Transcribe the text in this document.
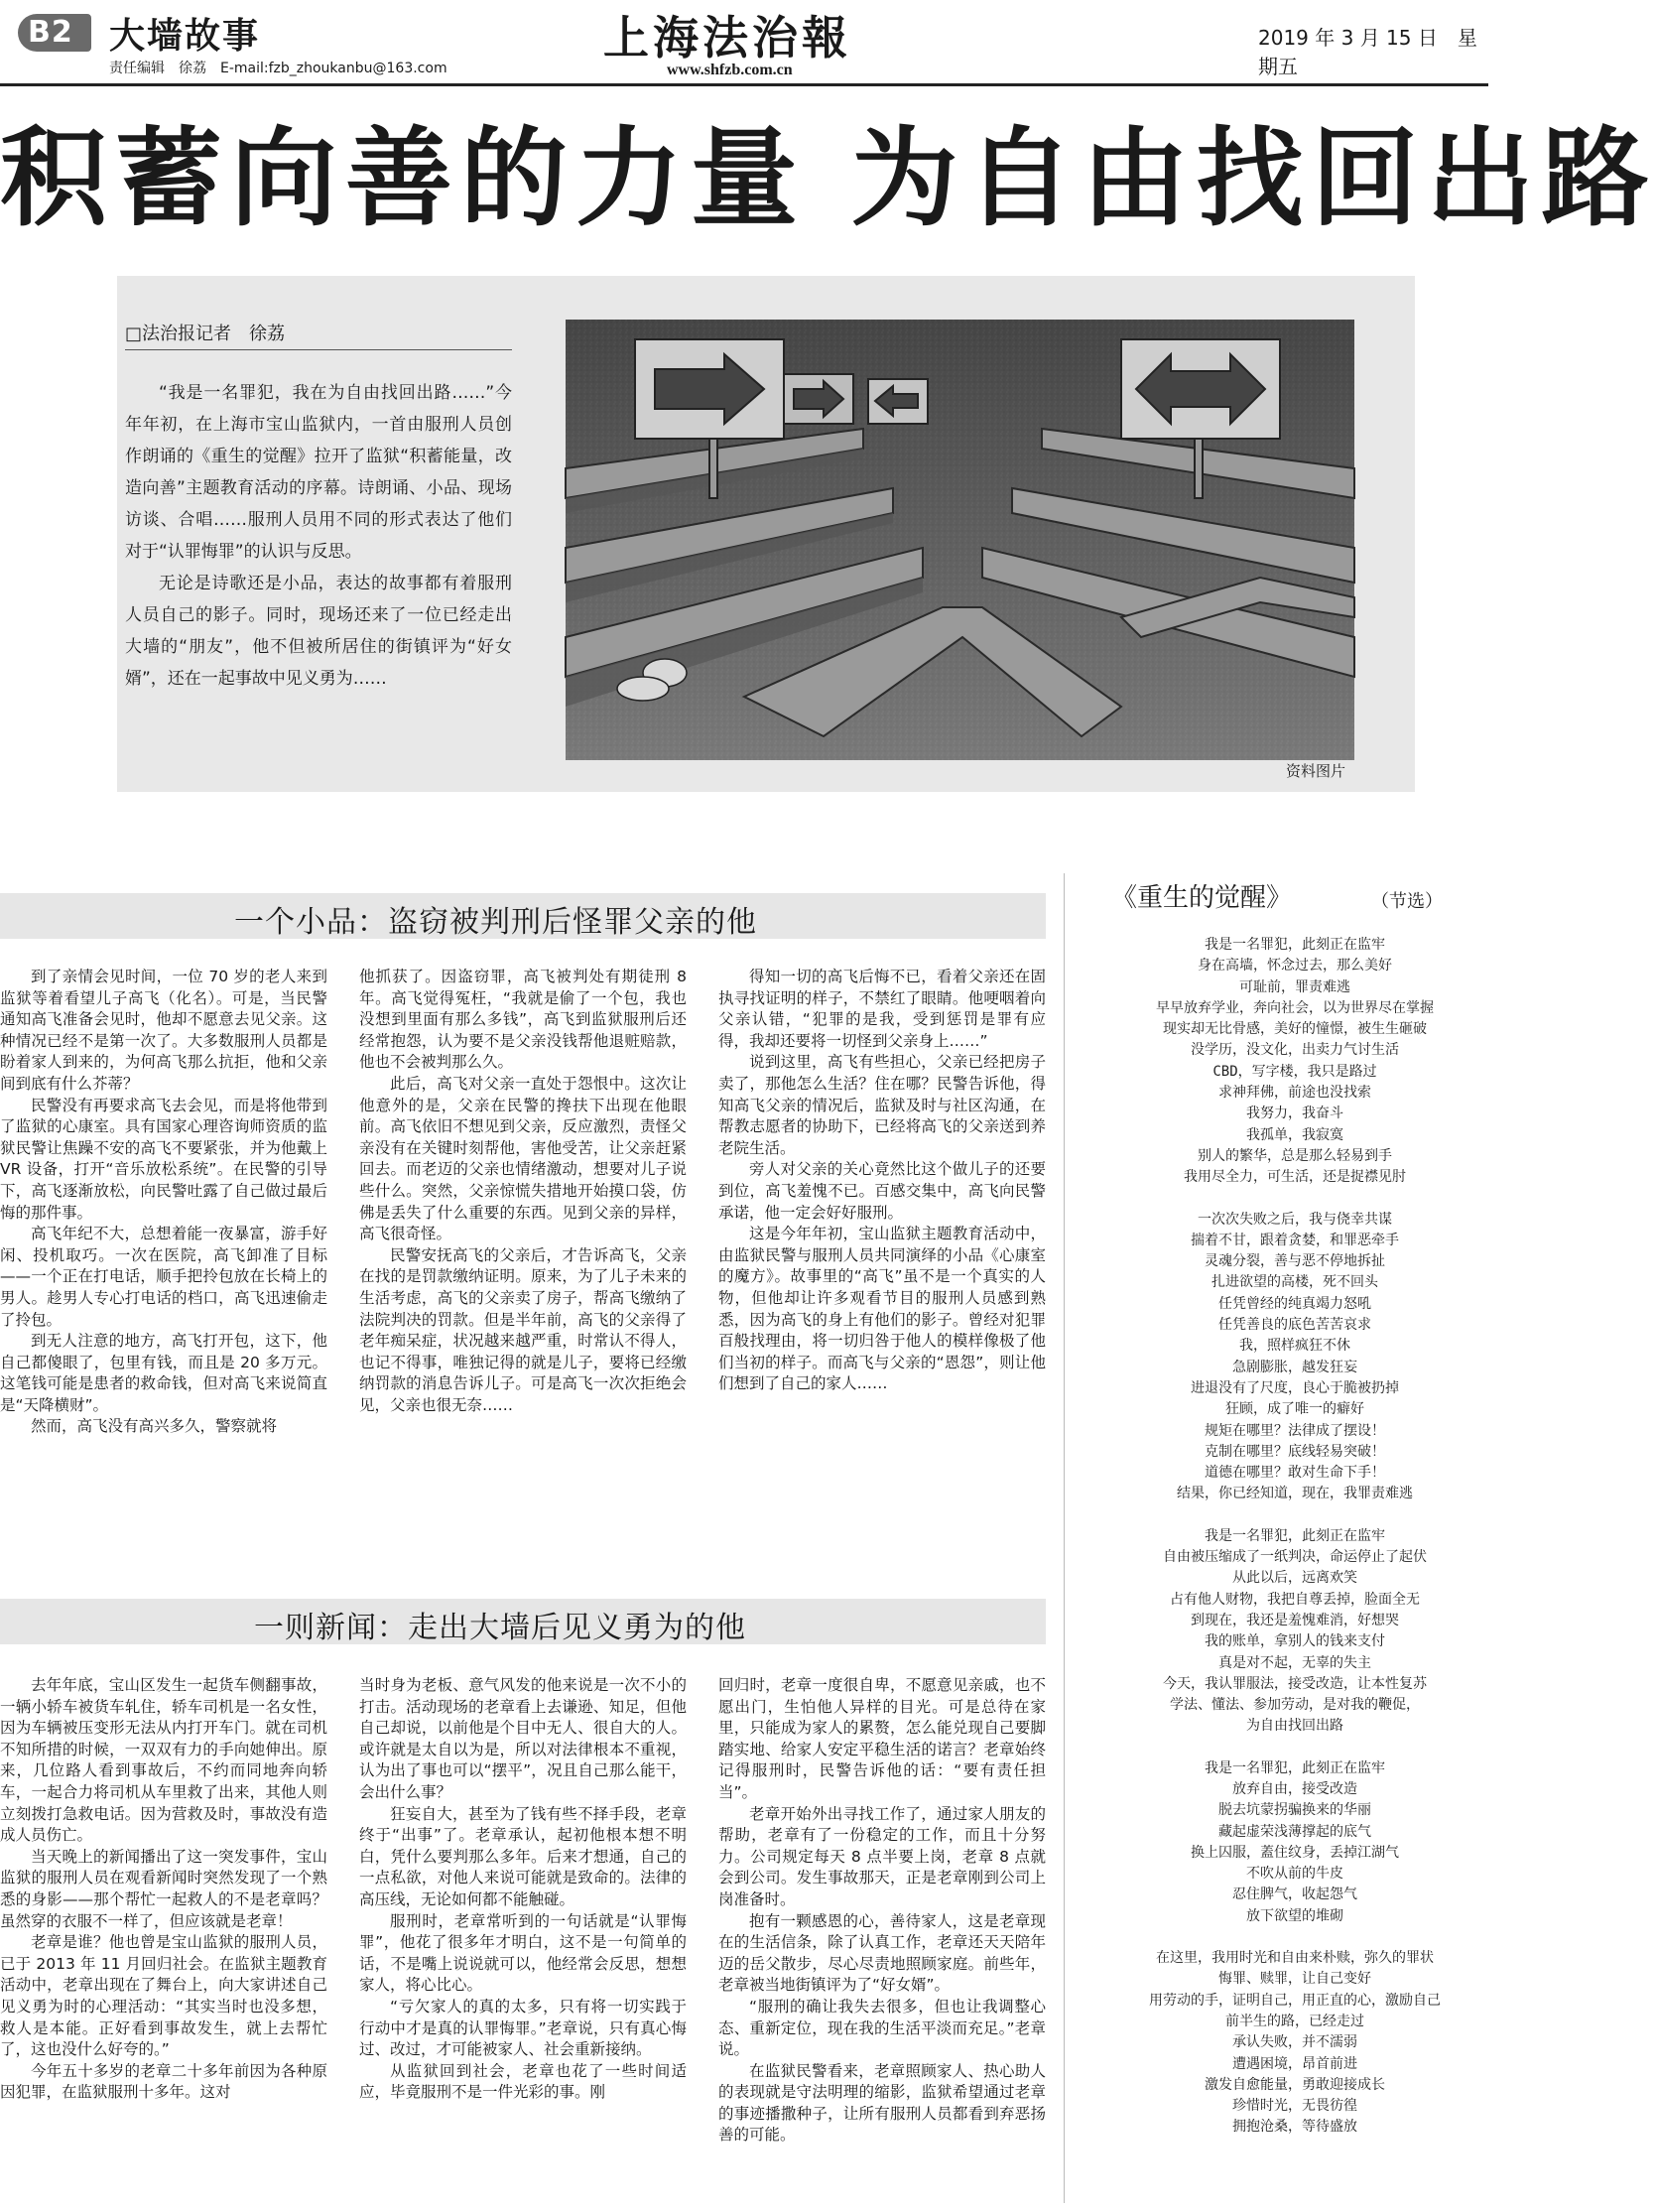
B2	大墙故事
责任编辑　徐荔　E-mail:fzb_zhoukanbu@163.com
上海法治報
www.shfzb.com.cn
2019 年 3 月 15 日　星期五
积蓄向善的力量 为自由找回出路
□法治报记者　徐荔

“我是一名罪犯，我在为自由找回出路……”今年年初，在上海市宝山监狱内，一首由服刑人员创作朗诵的《重生的觉醒》拉开了监狱“积蓄能量，改造向善”主题教育活动的序幕。诗朗诵、小品、现场访谈、合唱……服刑人员用不同的形式表达了他们对于“认罪悔罪”的认识与反思。

无论是诗歌还是小品，表达的故事都有着服刑人员自己的影子。同时，现场还来了一位已经走出大墙的“朋友”，他不但被所居住的街镇评为“好女婿”，还在一起事故中见义勇为……

资料图片
一个小品：盗窃被判刑后怪罪父亲的他

到了亲情会见时间，一位 70 岁的老人来到监狱等着看望儿子高飞（化名）。可是，当民警通知高飞准备会见时，他却不愿意去见父亲。这种情况已经不是第一次了。大多数服刑人员都是盼着家人到来的，为何高飞那么抗拒，他和父亲间到底有什么芥蒂？

民警没有再要求高飞去会见，而是将他带到了监狱的心康室。具有国家心理咨询师资质的监狱民警让焦躁不安的高飞不要紧张，并为他戴上 VR 设备，打开“音乐放松系统”。在民警的引导下，高飞逐渐放松，向民警吐露了自己做过最后悔的那件事。

高飞年纪不大，总想着能一夜暴富，游手好闲、投机取巧。一次在医院，高飞卸准了目标——一个正在打电话，顺手把拎包放在长椅上的男人。趁男人专心打电话的档口，高飞迅速偷走了拎包。

到无人注意的地方，高飞打开包，这下，他自己都傻眼了，包里有钱，而且是 20 多万元。这笔钱可能是患者的救命钱，但对高飞来说简直是“天降横财”。

然而，高飞没有高兴多久，警察就将

他抓获了。因盗窃罪，高飞被判处有期徒刑 8 年。高飞觉得冤枉，“我就是偷了一个包，我也没想到里面有那么多钱”，高飞到监狱服刑后还经常抱怨，认为要不是父亲没钱帮他退赃赔款，他也不会被判那么久。

此后，高飞对父亲一直处于怨恨中。这次让他意外的是，父亲在民警的搀扶下出现在他眼前。高飞依旧不想见到父亲，反应激烈，责怪父亲没有在关键时刻帮他，害他受苦，让父亲赶紧回去。而老迈的父亲也情绪激动，想要对儿子说些什么。突然，父亲惊慌失措地开始摸口袋，仿佛是丢失了什么重要的东西。见到父亲的异样，高飞很奇怪。

民警安抚高飞的父亲后，才告诉高飞，父亲在找的是罚款缴纳证明。原来，为了儿子未来的生活考虑，高飞的父亲卖了房子，帮高飞缴纳了法院判决的罚款。但是半年前，高飞的父亲得了老年痴呆症，状况越来越严重，时常认不得人，也记不得事，唯独记得的就是儿子，要将已经缴纳罚款的消息告诉儿子。可是高飞一次次拒绝会见，父亲也很无奈……

得知一切的高飞后悔不已，看着父亲还在固执寻找证明的样子，不禁红了眼睛。他哽咽着向父亲认错，“犯罪的是我，受到惩罚是罪有应得，我却还要将一切怪到父亲身上……”

说到这里，高飞有些担心，父亲已经把房子卖了，那他怎么生活？住在哪？民警告诉他，得知高飞父亲的情况后，监狱及时与社区沟通，在帮教志愿者的协助下，已经将高飞的父亲送到养老院生活。

旁人对父亲的关心竟然比这个做儿子的还要到位，高飞羞愧不已。百感交集中，高飞向民警承诺，他一定会好好服刑。

这是今年年初，宝山监狱主题教育活动中，由监狱民警与服刑人员共同演绎的小品《心康室的魔方》。故事里的“高飞”虽不是一个真实的人物，但他却让许多观看节目的服刑人员感到熟悉，因为高飞的身上有他们的影子。曾经对犯罪百般找理由，将一切归咎于他人的模样像极了他们当初的样子。而高飞与父亲的“恩怨”，则让他们想到了自己的家人……

一则新闻：走出大墙后见义勇为的他

去年年底，宝山区发生一起货车侧翻事故，一辆小轿车被货车轧住，轿车司机是一名女性，因为车辆被压变形无法从内打开车门。就在司机不知所措的时候，一双双有力的手向她伸出。原来，几位路人看到事故后，不约而同地奔向轿车，一起合力将司机从车里救了出来，其他人则立刻拨打急救电话。因为营救及时，事故没有造成人员伤亡。

当天晚上的新闻播出了这一突发事件，宝山监狱的服刑人员在观看新闻时突然发现了一个熟悉的身影——那个帮忙一起救人的不是老章吗？虽然穿的衣服不一样了，但应该就是老章！

老章是谁？他也曾是宝山监狱的服刑人员，已于 2013 年 11 月回归社会。在监狱主题教育活动中，老章出现在了舞台上，向大家讲述自己见义勇为时的心理活动：“其实当时也没多想，救人是本能。正好看到事故发生，就上去帮忙了，这也没什么好夸的。”

今年五十多岁的老章二十多年前因为各种原因犯罪，在监狱服刑十多年。这对

当时身为老板、意气风发的他来说是一次不小的打击。活动现场的老章看上去谦逊、知足，但他自己却说，以前他是个目中无人、很自大的人。或许就是太自以为是，所以对法律根本不重视，认为出了事也可以“摆平”，况且自己那么能干，会出什么事？

狂妄自大，甚至为了钱有些不择手段，老章终于“出事”了。老章承认，起初他根本想不明白，凭什么要判那么多年。后来才想通，自己的一点私欲，对他人来说可能就是致命的。法律的高压线，无论如何都不能触碰。

服刑时，老章常听到的一句话就是“认罪悔罪”，他花了很多年才明白，这不是一句简单的话，不是嘴上说说就可以，他经常会反思，想想家人，将心比心。

“亏欠家人的真的太多，只有将一切实践于行动中才是真的认罪悔罪。”老章说，只有真心悔过、改过，才可能被家人、社会重新接纳。

从监狱回到社会，老章也花了一些时间适应，毕竟服刑不是一件光彩的事。刚

回归时，老章一度很自卑，不愿意见亲戚，也不愿出门，生怕他人异样的目光。可是总待在家里，只能成为家人的累赘，怎么能兑现自己要脚踏实地、给家人安定平稳生活的诺言？老章始终记得服刑时，民警告诉他的话：“要有责任担当”。

老章开始外出寻找工作了，通过家人朋友的帮助，老章有了一份稳定的工作，而且十分努力。公司规定每天 8 点半要上岗，老章 8 点就会到公司。发生事故那天，正是老章刚到公司上岗准备时。

抱有一颗感恩的心，善待家人，这是老章现在的生活信条，除了认真工作，老章还天天陪年迈的岳父散步，尽心尽责地照顾家庭。前些年，老章被当地街镇评为了“好女婿”。

“服刑的确让我失去很多，但也让我调整心态、重新定位，现在我的生活平淡而充足。”老章说。

在监狱民警看来，老章照顾家人、热心助人的表现就是守法明理的缩影，监狱希望通过老章的事迹播撒种子，让所有服刑人员都看到弃恶扬善的可能。

《重生的觉醒》	（节选）
我是一名罪犯，此刻正在监牢
身在高墙，怀念过去，那么美好
可耻前，罪责难逃
早早放弃学业，奔向社会，以为世界尽在掌握
现实却无比骨感，美好的憧憬，被生生砸破
没学历，没文化，出卖力气讨生活
CBD，写字楼，我只是路过
求神拜佛，前途也没找索
我努力，我奋斗
我孤单，我寂寞
别人的繁华，总是那么轻易到手
我用尽全力，可生活，还是捉襟见肘
一次次失败之后，我与侥幸共谋
揣着不甘，跟着贪婪，和罪恶牵手
灵魂分裂，善与恶不停地拆扯
扎进欲望的高楼，死不回头
任凭曾经的纯真竭力怒吼
任凭善良的底色苦苦哀求
我，照样疯狂不休
急剧膨胀，越发狂妄
进退没有了尺度，良心于脆被扔掉
狂顾，成了唯一的癖好
规矩在哪里？法律成了摆设！
克制在哪里？底线轻易突破！
道德在哪里？敢对生命下手！
结果，你已经知道，现在，我罪责难逃
我是一名罪犯，此刻正在监牢
自由被压缩成了一纸判决，命运停止了起伏
从此以后，远离欢笑
占有他人财物，我把自尊丢掉，脸面全无
到现在，我还是羞愧难消，好想哭
我的账单，拿别人的钱来支付
真是对不起，无辜的失主
今天，我认罪服法，接受改造，让本性复苏
学法、懂法、参加劳动，是对我的鞭促，
为自由找回出路
我是一名罪犯，此刻正在监牢
放弃自由，接受改造
脱去坑蒙拐骗换来的华丽
藏起虚荣浅薄撑起的底气
换上囚服，蓋住纹身，丢掉江湖气
不吹从前的牛皮
忍住脾气，收起怨气
放下欲望的堆砌
在这里，我用时光和自由来朴赎，弥久的罪状
悔罪、赎罪，让自己变好
用劳动的手，证明自己，用正直的心，激励自己
前半生的路，已经走过
承认失败，并不濡弱
遭遇困境，昂首前进
激发自愈能量，勇敢迎接成长
珍惜时光，无畏彷徨
拥抱沧桑，等待盛放
